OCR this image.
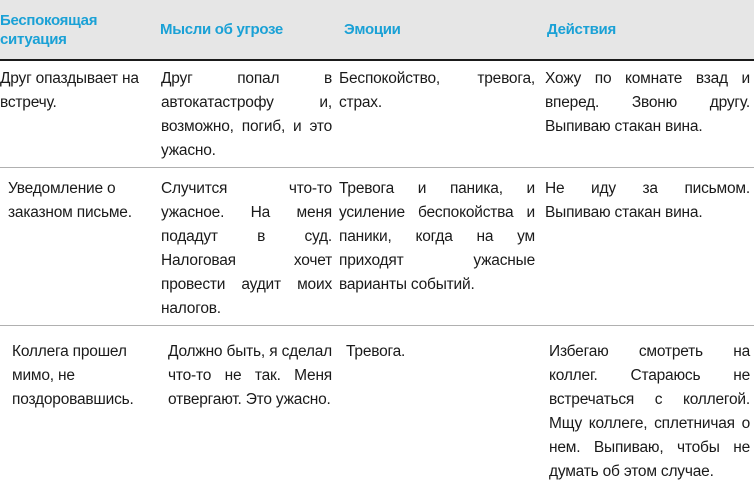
Беспокоящая ситуация	Мысли об угрозе	Эмоции	Действия
Друг опаздывает на встречу.	Друг попал в автокатастрофу и, возможно, погиб, и это ужасно.	Беспокойство, тревога, страх.	Хожу по комнате взад и вперед. Звоню другу. Выпиваю стакан вина.
Уведомление о заказном письме.	Случится что-то ужасное. На меня подадут в суд. Налоговая хочет провести аудит моих налогов.	Тревога и паника, и усиление беспокойства и паники, когда на ум приходят ужасные варианты событий.	Не иду за письмом. Выпиваю стакан вина.
Коллега прошел мимо, не поздоровавшись.	Должно быть, я сделал что-то не так. Меня отвергают. Это ужасно.	Тревога.	Избегаю смотреть на коллег. Стараюсь не встречаться с коллегой. Мщу коллеге, сплетничая о нем. Выпиваю, чтобы не думать об этом случае.
